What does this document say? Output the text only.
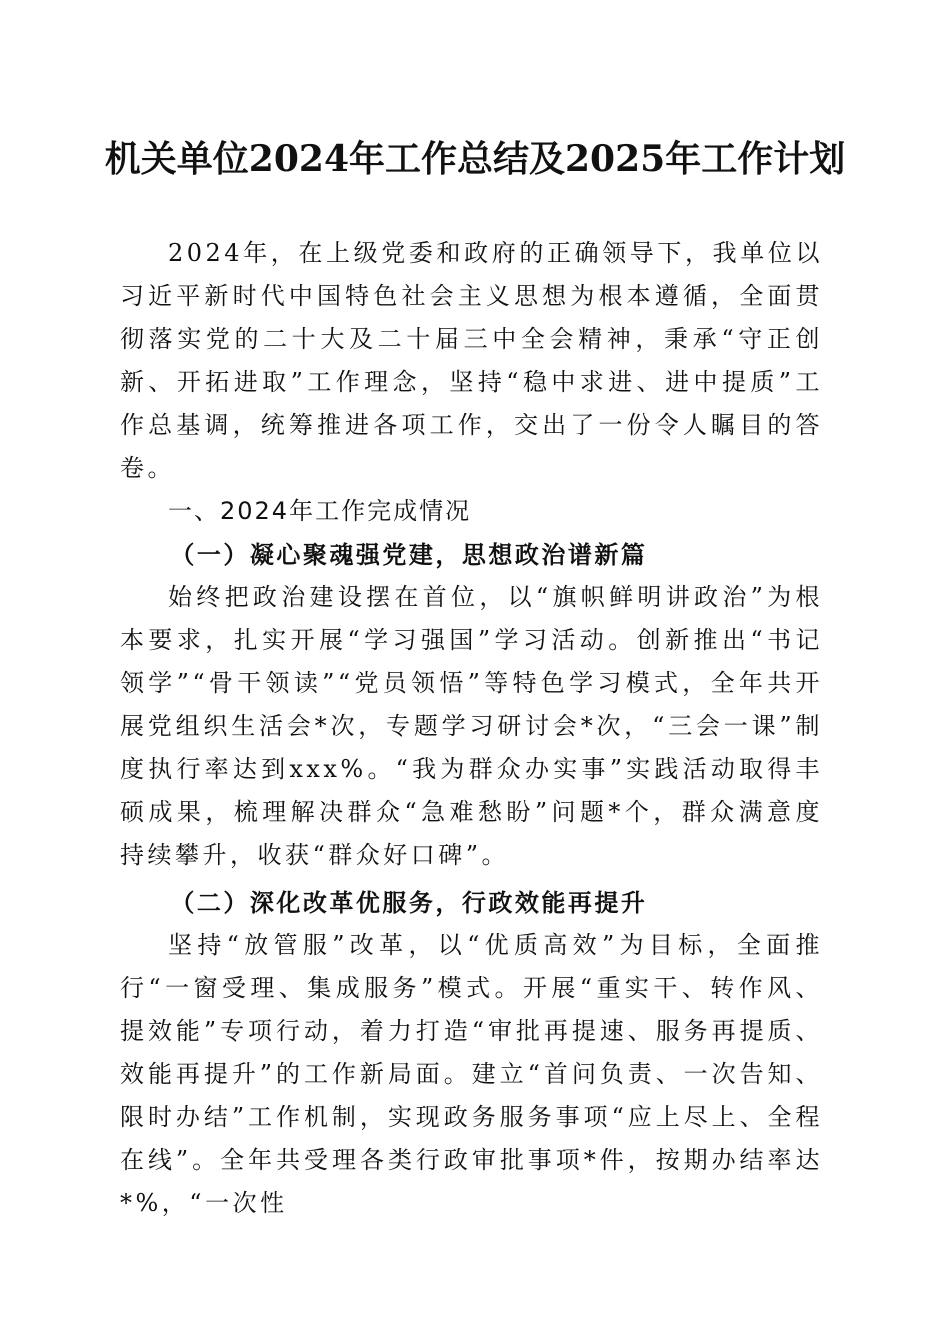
机关单位2024年工作总结及2025年工作计划

2024年，在上级党委和政府的正确领导下，我单位以习近平新时代中国特色社会主义思想为根本遵循，全面贯彻落实党的二十大及二十届三中全会精神，秉承“守正创新、开拓进取”工作理念，坚持“稳中求进、进中提质”工作总基调，统筹推进各项工作，交出了一份令人瞩目的答卷。

一、2024年工作完成情况

（一）凝心聚魂强党建，思想政治谱新篇

始终把政治建设摆在首位，以“旗帜鲜明讲政治”为根本要求，扎实开展“学习强国”学习活动。创新推出“书记领学”“骨干领读”“党员领悟”等特色学习模式，全年共开展党组织生活会*次，专题学习研讨会*次，“三会一课”制度执行率达到xxx%。“我为群众办实事”实践活动取得丰硕成果，梳理解决群众“急难愁盼”问题*个，群众满意度持续攀升，收获“群众好口碑”。

（二）深化改革优服务，行政效能再提升

坚持“放管服”改革，以“优质高效”为目标，全面推行“一窗受理、集成服务”模式。开展“重实干、转作风、提效能”专项行动，着力打造“审批再提速、服务再提质、效能再提升”的工作新局面。建立“首问负责、一次告知、限时办结”工作机制，实现政务服务事项“应上尽上、全程在线”。全年共受理各类行政审批事项*件，按期办结率达*%，“一次性
